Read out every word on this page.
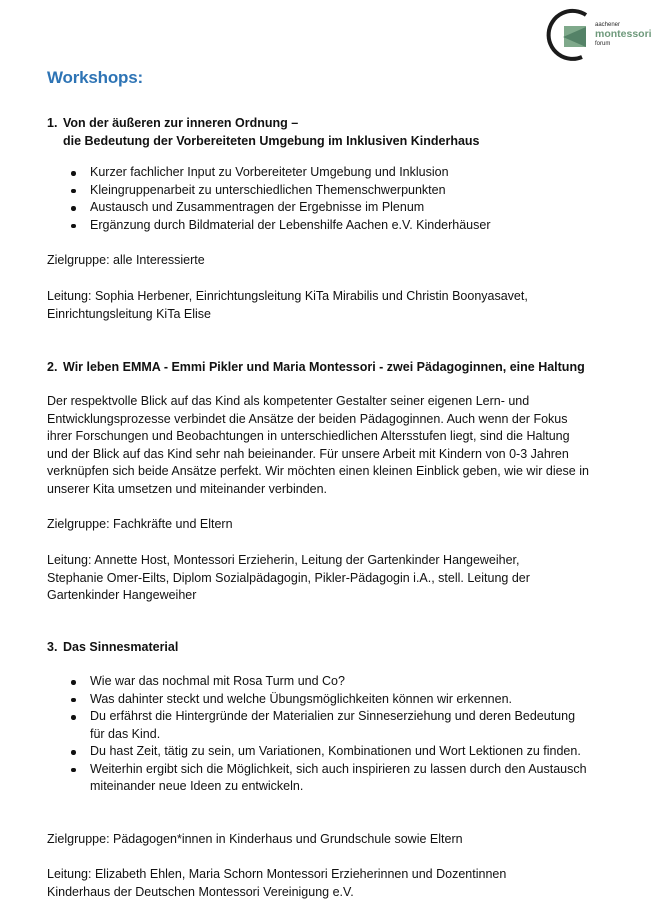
aachener
montessori
forum
Workshops:
1. Von der äußeren zur inneren Ordnung –
die Bedeutung der Vorbereiteten Umgebung im Inklusiven Kinderhaus
Kurzer fachlicher Input zu Vorbereiteter Umgebung und Inklusion
Kleingruppenarbeit zu unterschiedlichen Themenschwerpunkten
Austausch und Zusammentragen der Ergebnisse im Plenum
Ergänzung durch Bildmaterial der Lebenshilfe Aachen e.V. Kinderhäuser

Zielgruppe: alle Interessierte

Leitung: Sophia Herbener, Einrichtungsleitung KiTa Mirabilis und Christin Boonyasavet, Einrichtungsleitung KiTa Elise

2. Wir leben EMMA - Emmi Pikler und Maria Montessori - zwei Pädagoginnen, eine Haltung

Der respektvolle Blick auf das Kind als kompetenter Gestalter seiner eigenen Lern- und Entwicklungsprozesse verbindet die Ansätze der beiden Pädagoginnen. Auch wenn der Fokus ihrer Forschungen und Beobachtungen in unterschiedlichen Altersstufen liegt, sind die Haltung und der Blick auf das Kind sehr nah beieinander. Für unsere Arbeit mit Kindern von 0-3 Jahren verknüpfen sich beide Ansätze perfekt. Wir möchten einen kleinen Einblick geben, wie wir diese in unserer Kita umsetzen und miteinander verbinden.

Zielgruppe: Fachkräfte und Eltern

Leitung: Annette Host, Montessori Erzieherin, Leitung der Gartenkinder Hangeweiher, Stephanie Omer-Eilts, Diplom Sozialpädagogin, Pikler-Pädagogin i.A., stell. Leitung der Gartenkinder Hangeweiher

3. Das Sinnesmaterial
Wie war das nochmal mit Rosa Turm und Co?
Was dahinter steckt und welche Übungsmöglichkeiten können wir erkennen.
Du erfährst die Hintergründe der Materialien zur Sinneserziehung und deren Bedeutung für das Kind.
Du hast Zeit, tätig zu sein, um Variationen, Kombinationen und Wort Lektionen zu finden.
Weiterhin ergibt sich die Möglichkeit, sich auch inspirieren zu lassen durch den Austausch miteinander neue Ideen zu entwickeln.

Zielgruppe: Pädagogen*innen in Kinderhaus und Grundschule sowie Eltern

Leitung: Elizabeth Ehlen, Maria Schorn Montessori Erzieherinnen und Dozentinnen Kinderhaus der Deutschen Montessori Vereinigung e.V.
